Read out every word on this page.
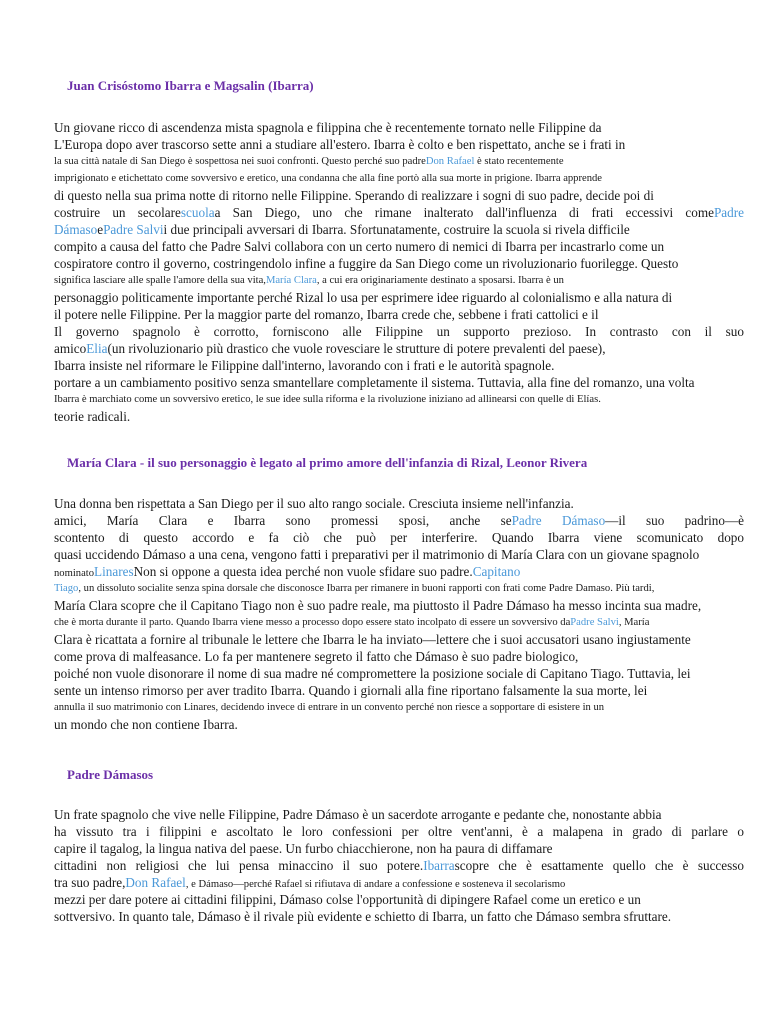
Juan Crisóstomo Ibarra e Magsalin (Ibarra)
Un giovane ricco di ascendenza mista spagnola e filippina che è recentemente tornato nelle Filippine da
L'Europa dopo aver trascorso sette anni a studiare all'estero. Ibarra è colto e ben rispettato, anche se i frati in
la sua città natale di San Diego è sospettosa nei suoi confronti. Questo perché suo padreDon Rafael è stato recentemente
imprigionato e etichettato come sovversivo e eretico, una condanna che alla fine portò alla sua morte in prigione. Ibarra apprende
di questo nella sua prima notte di ritorno nelle Filippine. Sperando di realizzare i sogni di suo padre, decide poi di
costruire un secolarescuolaa San Diego, uno che rimane inalterato dall'influenza di frati eccessivi comePadre
DámasoePadre Salvii due principali avversari di Ibarra. Sfortunatamente, costruire la scuola si rivela difficile
compito a causa del fatto che Padre Salvi collabora con un certo numero di nemici di Ibarra per incastrarlo come un
cospiratore contro il governo, costringendolo infine a fuggire da San Diego come un rivoluzionario fuorilegge. Questo
significa lasciare alle spalle l'amore della sua vita,María Clara, a cui era originariamente destinato a sposarsi. Ibarra è un
personaggio politicamente importante perché Rizal lo usa per esprimere idee riguardo al colonialismo e alla natura di
il potere nelle Filippine. Per la maggior parte del romanzo, Ibarra crede che, sebbene i frati cattolici e il
Il governo spagnolo è corrotto, forniscono alle Filippine un supporto prezioso. In contrasto con il suo
amicoElia(un rivoluzionario più drastico che vuole rovesciare le strutture di potere prevalenti del paese),
Ibarra insiste nel riformare le Filippine dall'interno, lavorando con i frati e le autorità spagnole.
portare a un cambiamento positivo senza smantellare completamente il sistema. Tuttavia, alla fine del romanzo, una volta
Ibarra è marchiato come un sovversivo eretico, le sue idee sulla riforma e la rivoluzione iniziano ad allinearsi con quelle di Elías.
teorie radicali.
María Clara - il suo personaggio è legato al primo amore dell'infanzia di Rizal, Leonor Rivera
Una donna ben rispettata a San Diego per il suo alto rango sociale. Cresciuta insieme nell'infanzia.
amici, María Clara e Ibarra sono promessi sposi, anche sePadre Dámaso—il suo padrino—è
scontento di questo accordo e fa ciò che può per interferire. Quando Ibarra viene scomunicato dopo
quasi uccidendo Dámaso a una cena, vengono fatti i preparativi per il matrimonio di María Clara con un giovane spagnolo
nominatoLinaresNon si oppone a questa idea perché non vuole sfidare suo padre.Capitano
Tiago, un dissoluto socialite senza spina dorsale che disconosce Ibarra per rimanere in buoni rapporti con frati come Padre Damaso. Più tardi,
María Clara scopre che il Capitano Tiago non è suo padre reale, ma piuttosto il Padre Dámaso ha messo incinta sua madre,
che è morta durante il parto. Quando Ibarra viene messo a processo dopo essere stato incolpato di essere un sovversivo daPadre Salvi, María
Clara è ricattata a fornire al tribunale le lettere che Ibarra le ha inviato—lettere che i suoi accusatori usano ingiustamente
come prova di malfeasance. Lo fa per mantenere segreto il fatto che Dámaso è suo padre biologico,
poiché non vuole disonorare il nome di sua madre né compromettere la posizione sociale di Capitano Tiago. Tuttavia, lei
sente un intenso rimorso per aver tradito Ibarra. Quando i giornali alla fine riportano falsamente la sua morte, lei
annulla il suo matrimonio con Linares, decidendo invece di entrare in un convento perché non riesce a sopportare di esistere in un
un mondo che non contiene Ibarra.
Padre Dámasos
Un frate spagnolo che vive nelle Filippine, Padre Dámaso è un sacerdote arrogante e pedante che, nonostante abbia
ha vissuto tra i filippini e ascoltato le loro confessioni per oltre vent'anni, è a malapena in grado di parlare o
capire il tagalog, la lingua nativa del paese. Un furbo chiacchierone, non ha paura di diffamare
cittadini non religiosi che lui pensa minaccino il suo potere.Ibarrascopre che è esattamente quello che è successo
tra suo padre,Don Rafael, e Dámaso—perché Rafael si rifiutava di andare a confessione e sosteneva il secolarismo
mezzi per dare potere ai cittadini filippini, Dámaso colse l'opportunità di dipingere Rafael come un eretico e un
sottversivo. In quanto tale, Dámaso è il rivale più evidente e schietto di Ibarra, un fatto che Dámaso sembra sfruttare.
